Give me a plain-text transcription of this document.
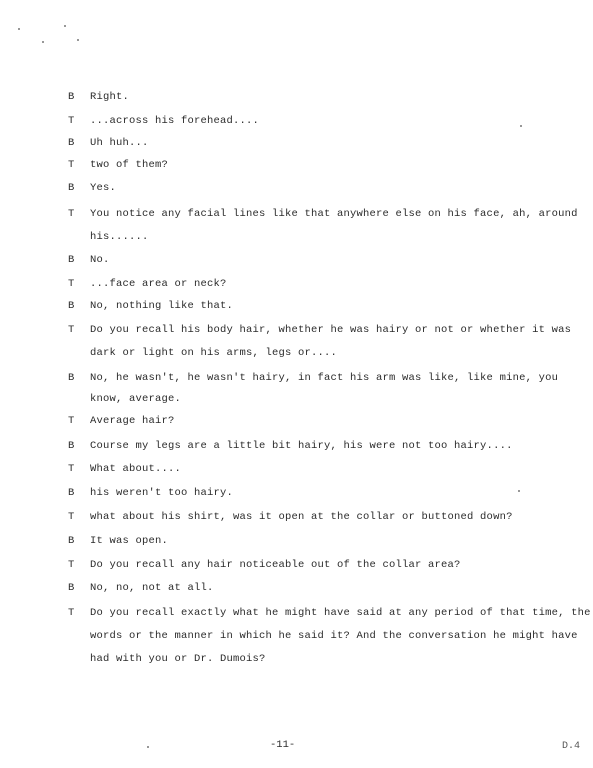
B	Right.
T	...across his forehead....
B	Uh huh...
T	two of them?
B	Yes.
T	You notice any facial lines like that anywhere else on his face, ah, around
his......
B	No.
T	...face area or neck?
B	No, nothing like that.
T	Do you recall his body hair, whether he was hairy or not or whether it was
dark or light on his arms, legs or....
B	No, he wasn't, he wasn't hairy, in fact his arm was like, like mine, you
know, average.
T	Average hair?
B	Course my legs are a little bit hairy, his were not too hairy....
T	What about....
B	his weren't too hairy.
T	what about his shirt, was it open at the collar or buttoned down?
B	It was open.
T	Do you recall any hair noticeable out of the collar area?
B	No, no, not at all.
T	Do you recall exactly what he might have said at any period of that time, the
words or the manner in which he said it? And the conversation he might have
had with you or Dr. Dumois?
-11-	D.4
